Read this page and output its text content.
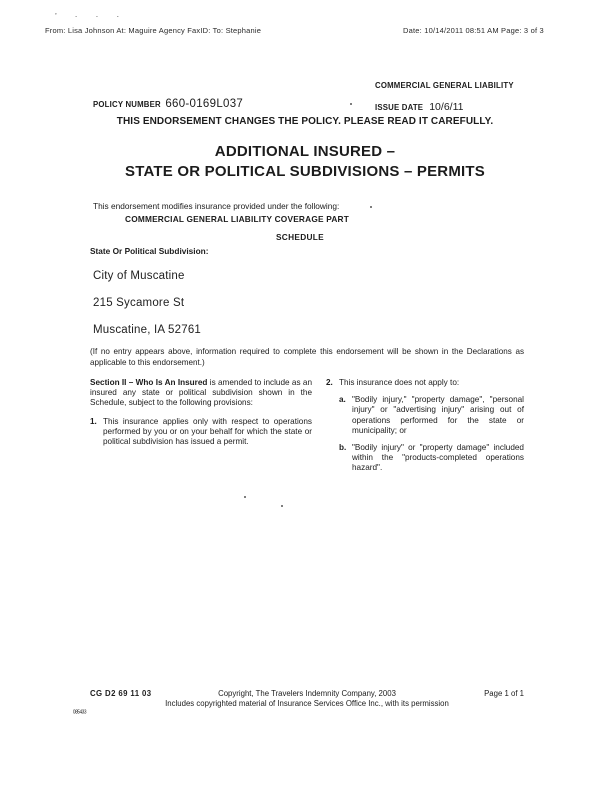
’ · · ·
From: Lisa Johnson At: Maguire Agency FaxID: To: Stephanie	Date: 10/14/2011 08:51 AM Page: 3 of 3
COMMERCIAL GENERAL LIABILITY
POLICY NUMBER 660-0169L037	ISSUE DATE 10/6/11
THIS ENDORSEMENT CHANGES THE POLICY. PLEASE READ IT CAREFULLY.
ADDITIONAL INSURED –
STATE OR POLITICAL SUBDIVISIONS – PERMITS
This endorsement modifies insurance provided under the following:
COMMERCIAL GENERAL LIABILITY COVERAGE PART
SCHEDULE
State Or Political Subdivision:
City of Muscatine
215 Sycamore St
Muscatine, IA 52761
(If no entry appears above, information required to complete this endorsement will be shown in the Declarations as applicable to this endorsement.)
Section II – Who Is An Insured is amended to include as an insured any state or political subdivision shown in the Schedule, subject to the following provisions:
1. This insurance applies only with respect to operations performed by you or on your behalf for which the state or political subdivision has issued a permit.
2. This insurance does not apply to:
a. "Bodily injury," "property damage", "personal injury" or "advertising injury" arising out of operations performed for the state or municipality; or
b. "Bodily injury" or "property damage" included within the "products-completed operations hazard".
CG D2 69 11 03	Copyright, The Travelers Indemnity Company, 2003	Page 1 of 1
Includes copyrighted material of Insurance Services Office Inc., with its permission
085433
